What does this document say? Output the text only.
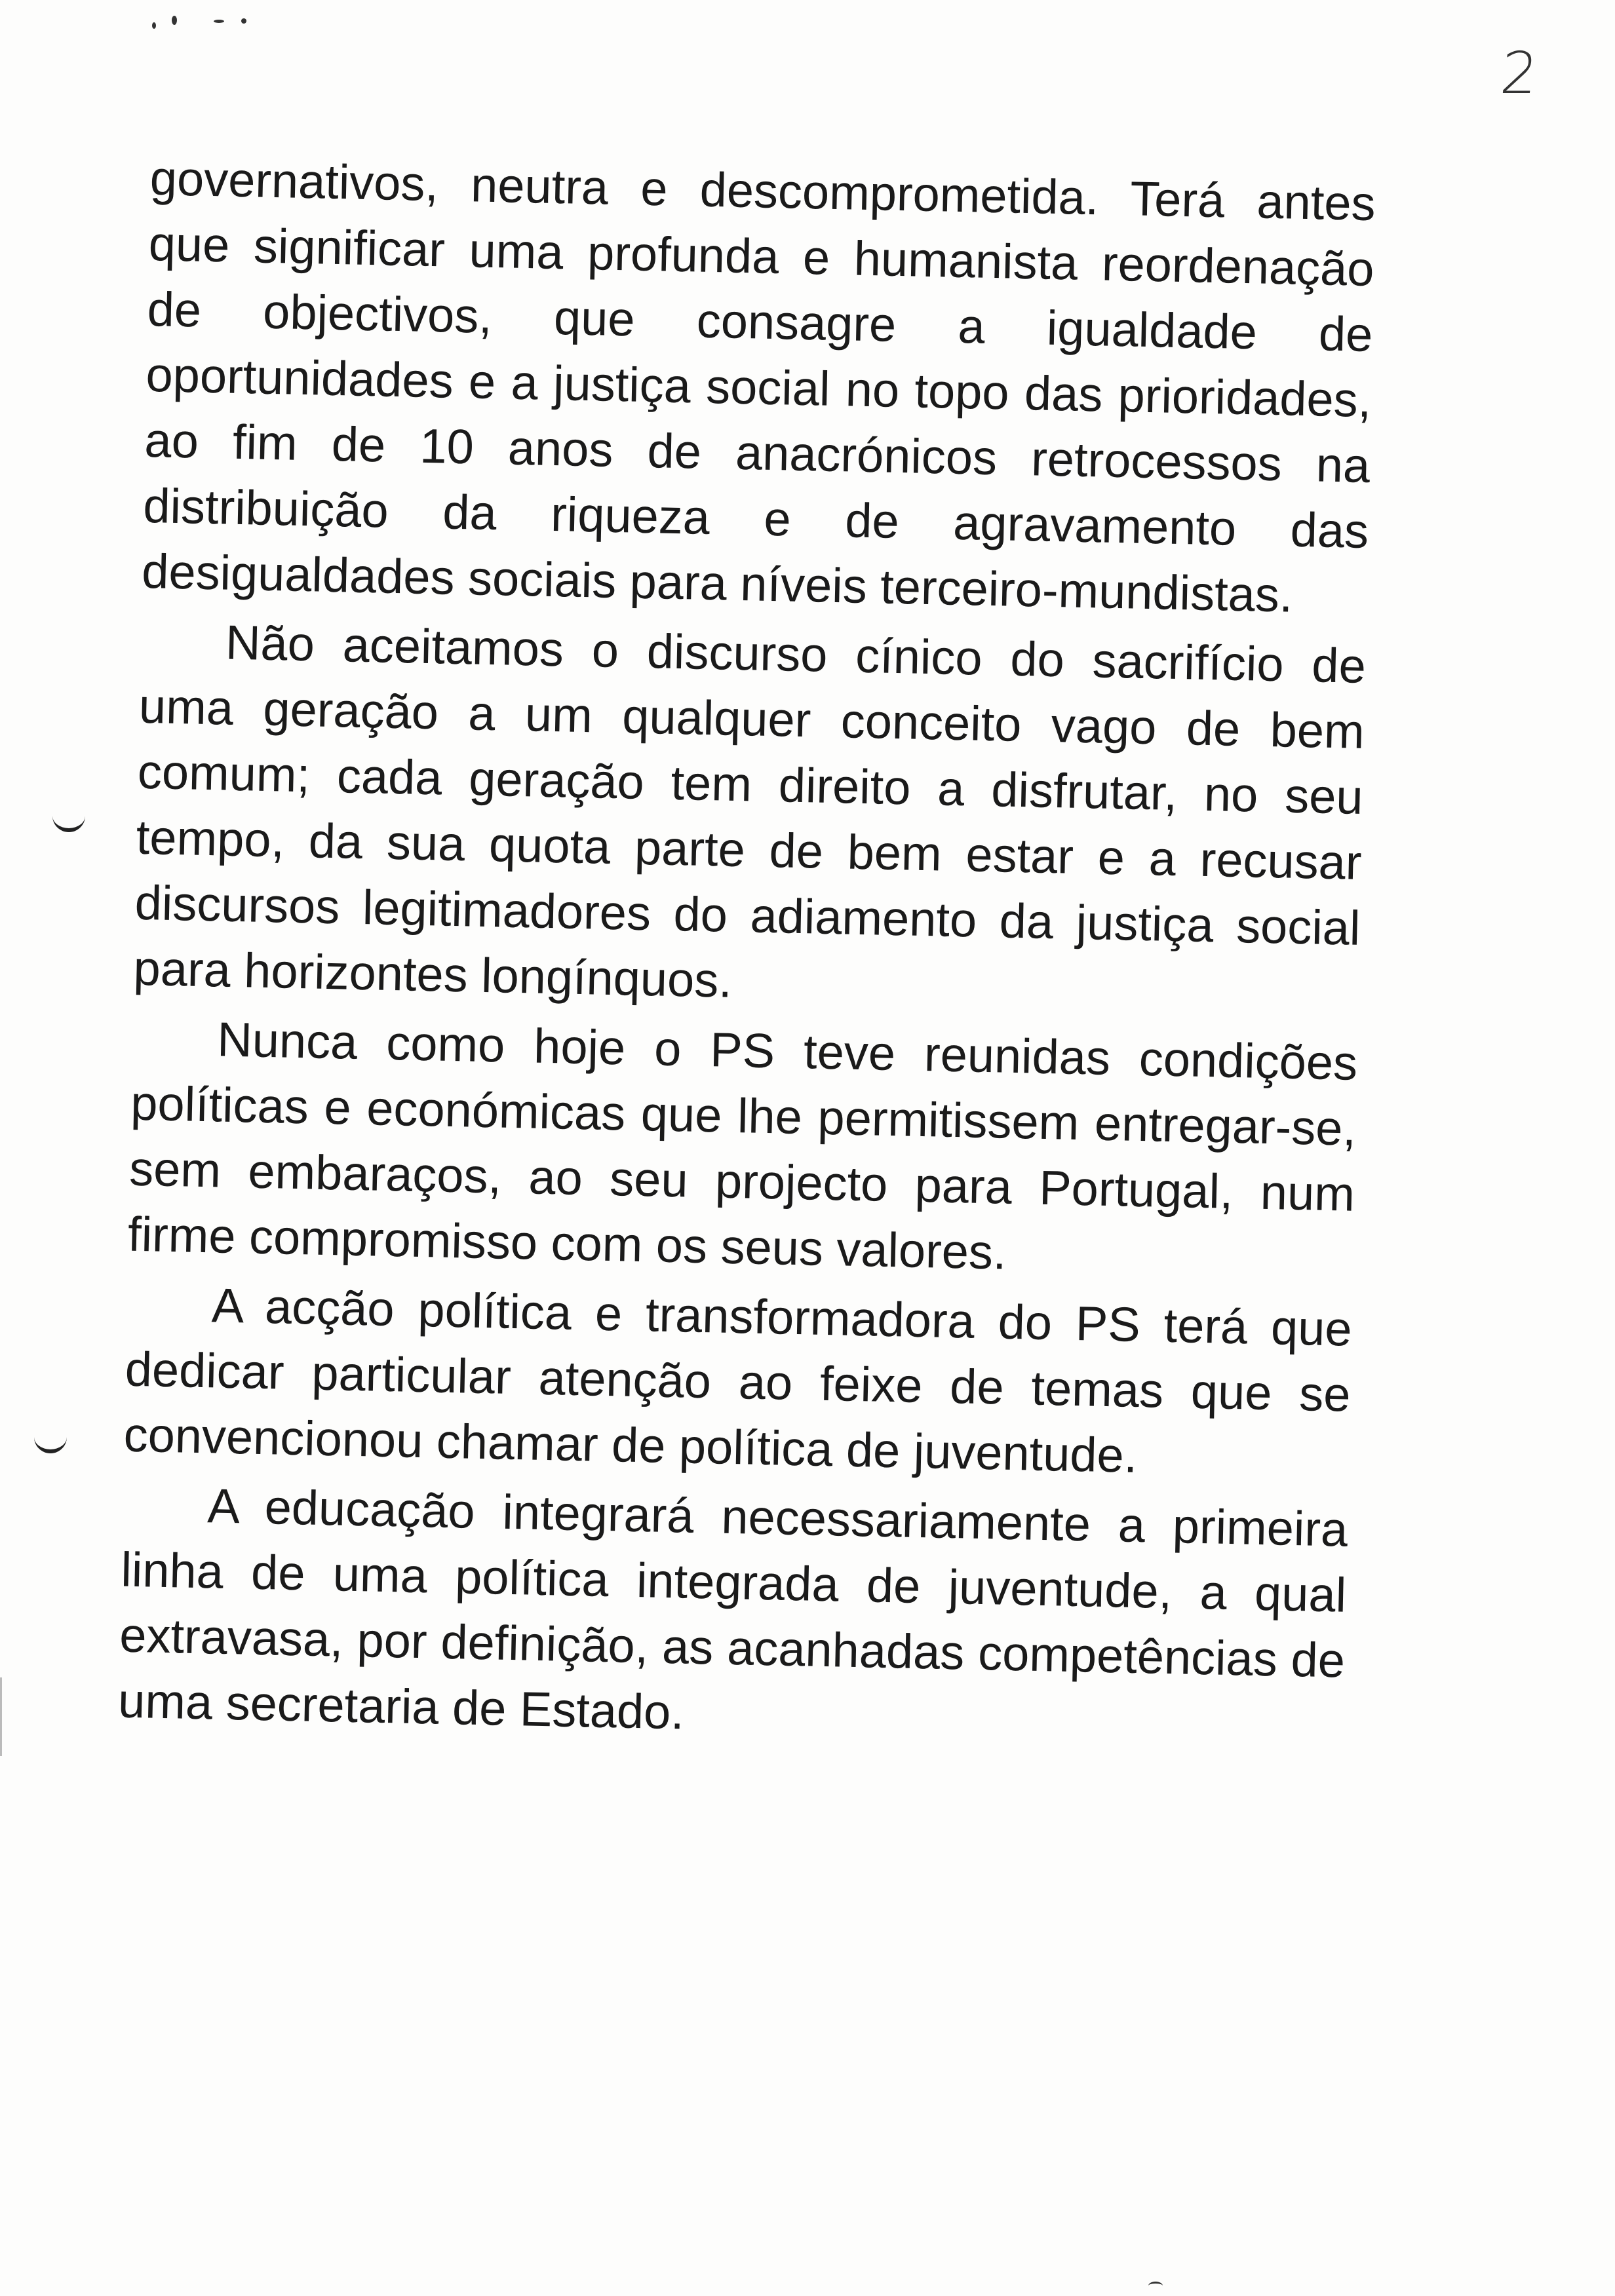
2

governativos, neutra e descomprometida. Terá antes que significar uma profunda e humanista reordenação de objectivos, que consagre a igualdade de oportunidades e a justiça social no topo das prioridades, ao fim de 10 anos de anacrónicos retrocessos na distribuição da riqueza e de agravamento das desigualdades sociais para níveis terceiro-mundistas.

Não aceitamos o discurso cínico do sacrifício de uma geração a um qualquer conceito vago de bem comum; cada geração tem direito a disfrutar, no seu tempo, da sua quota parte de bem estar e a recusar discursos legitimadores do adiamento da justiça social para horizontes longínquos.

Nunca como hoje o PS teve reunidas condições políticas e económicas que lhe permitissem entregar-se, sem embaraços, ao seu projecto para Portugal, num firme compromisso com os seus valores.

A acção política e transformadora do PS terá que dedicar particular atenção ao feixe de temas que se convencionou chamar de política de juventude.

A educação integrará necessariamente a primeira linha de uma política integrada de juventude, a qual extravasa, por definição, as acanhadas competências de uma secretaria de Estado.
